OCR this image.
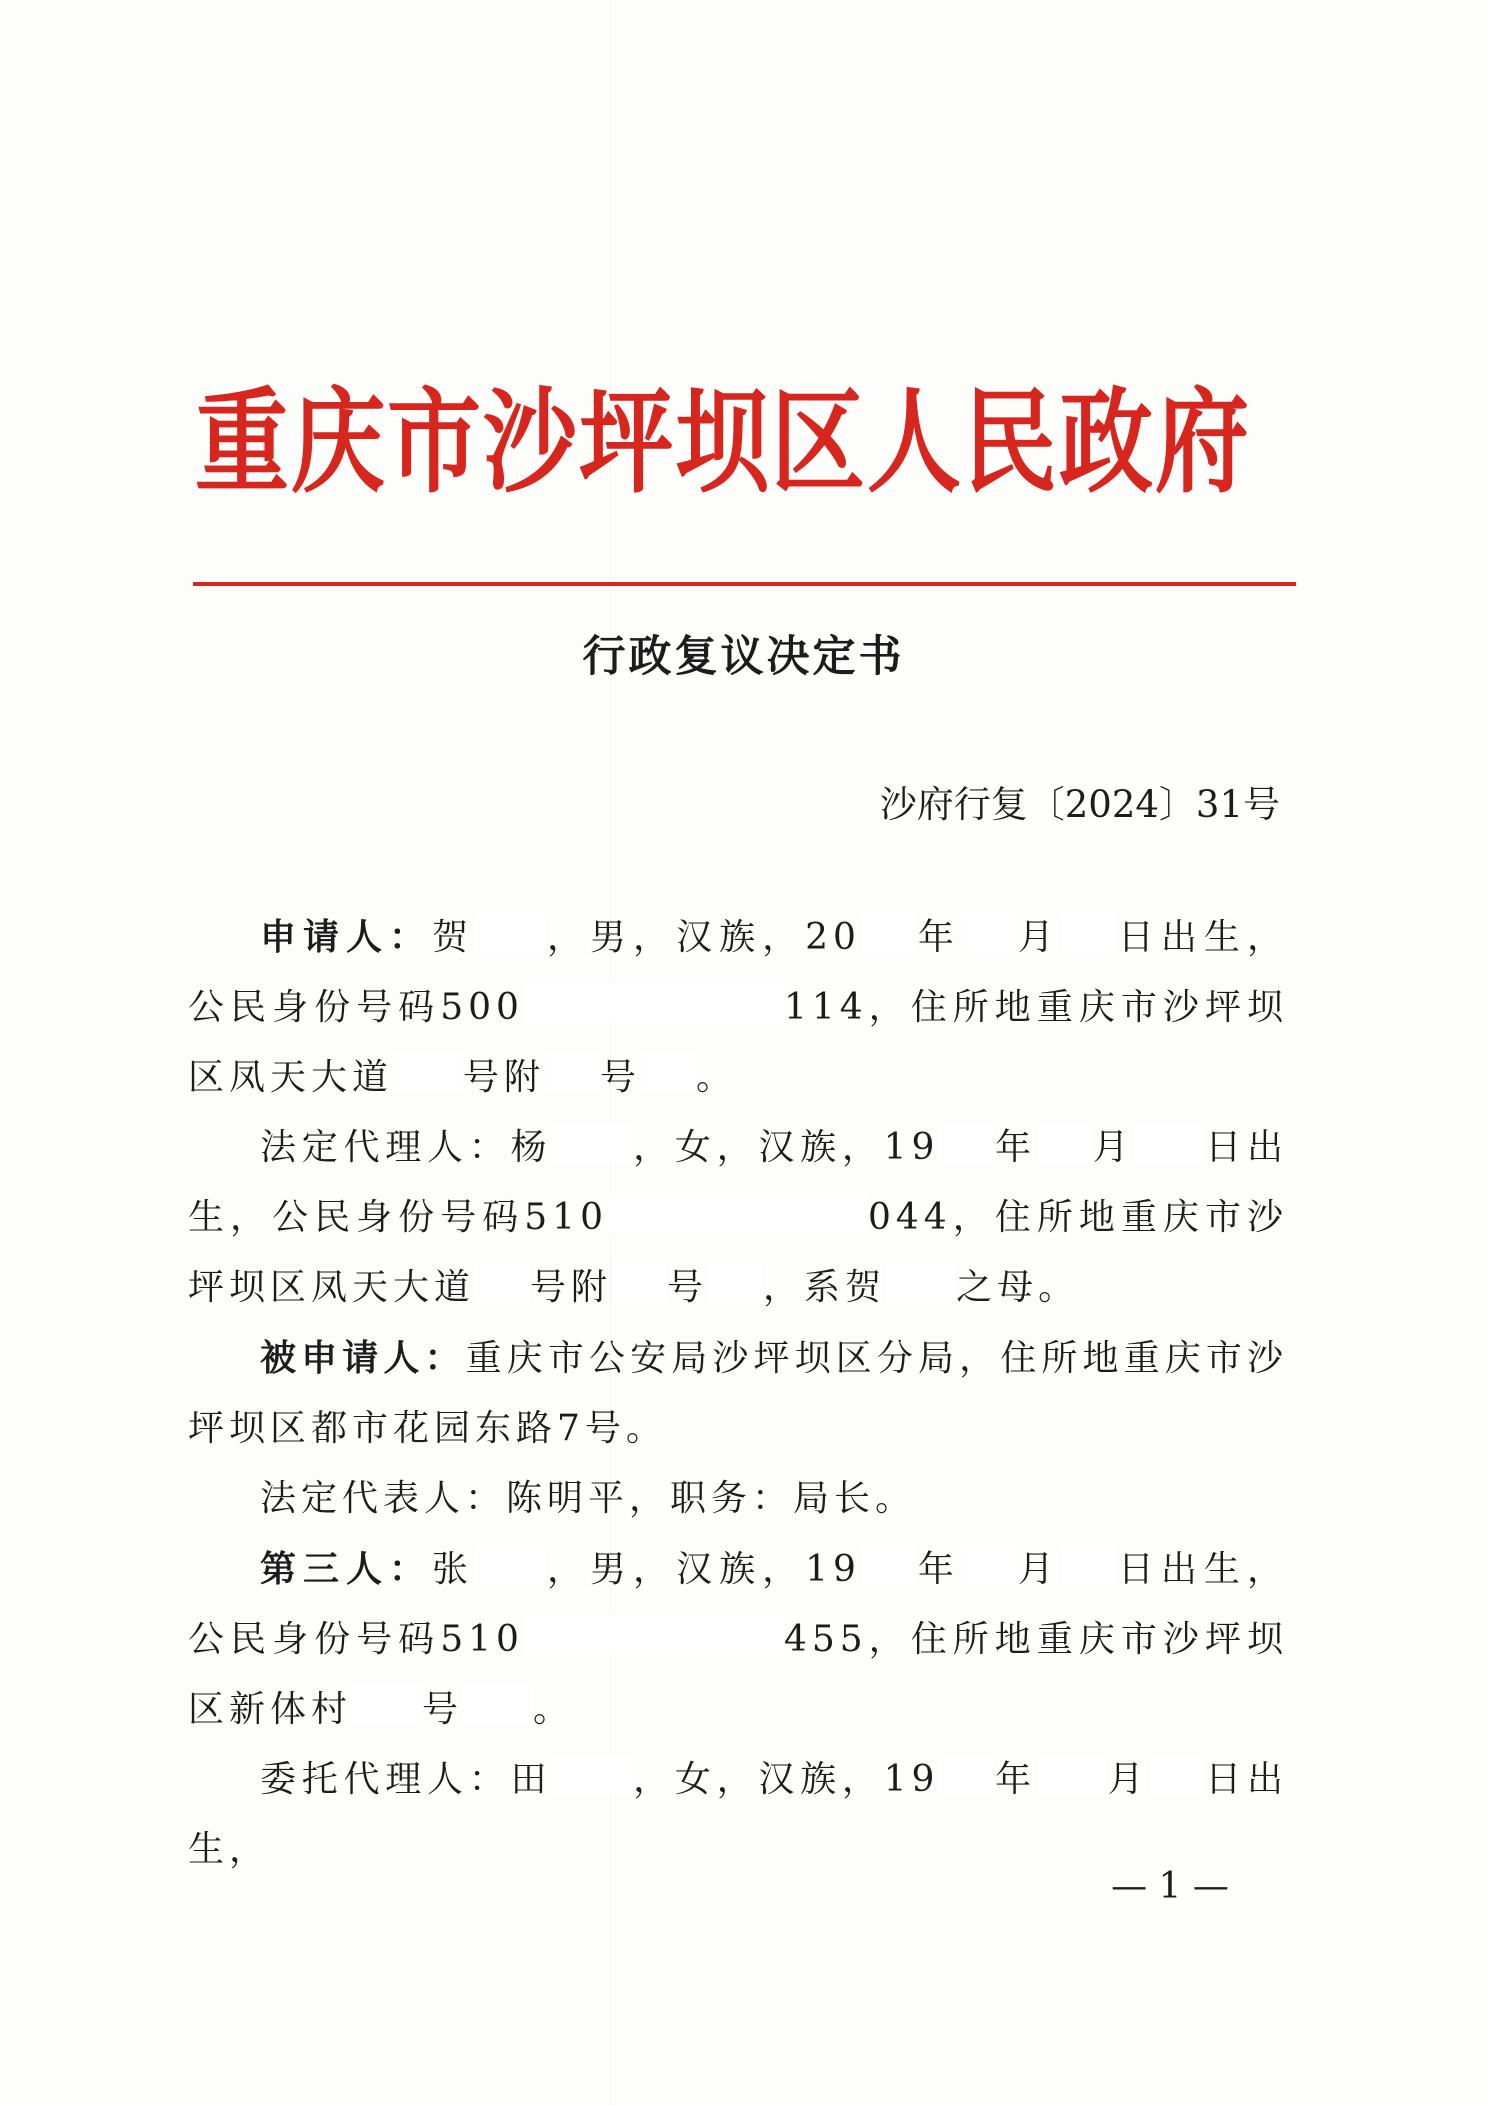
重庆市沙坪坝区人民政府
行政复议决定书
沙府行复〔2024〕31号

申请人：贺 ，男，汉族，20 年 月 日出生，公民身份号码500	114，住所地重庆市沙坪坝区凤天大道 号附 号 。

法定代理人：杨 ，女，汉族，19 年 月 日出生，公民身份号码510	044，住所地重庆市沙坪坝区凤天大道 号附 号 ，系贺 之母。

被申请人：重庆市公安局沙坪坝区分局，住所地重庆市沙坪坝区都市花园东路7号。

法定代表人：陈明平，职务：局长。

第三人：张 ，男，汉族，19 年 月 日出生，公民身份号码510	455，住所地重庆市沙坪坝区新体村 号 。

委托代理人：田 ，女，汉族，19 年 月 日出生，

— 1 —
